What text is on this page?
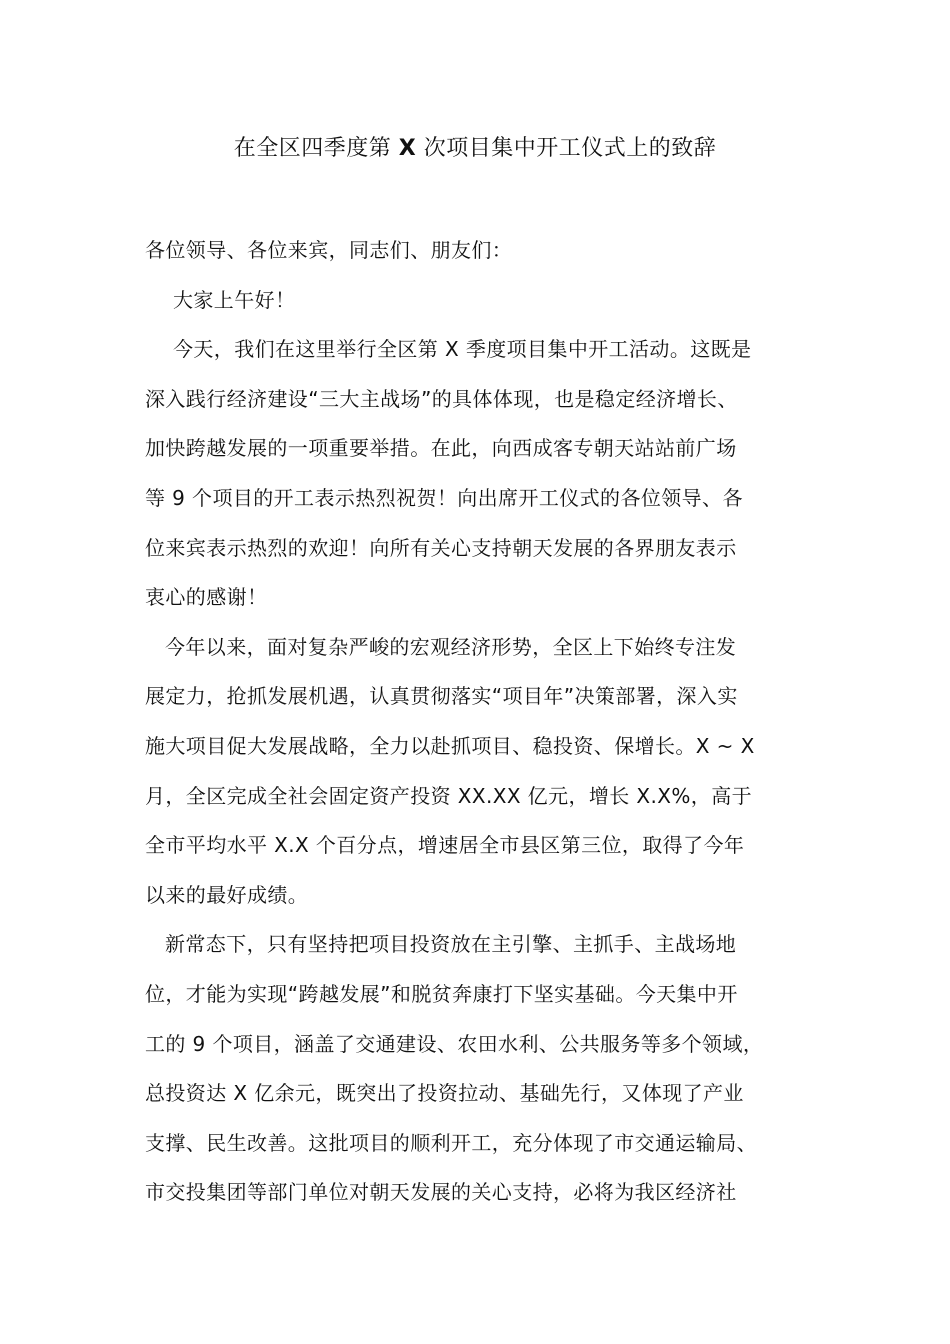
在全区四季度第 X 次项目集中开工仪式上的致辞
各位领导、各位来宾，同志们、朋友们：
大家上午好！
今天，我们在这里举行全区第 X 季度项目集中开工活动。这既是
深入践行经济建设“三大主战场”的具体体现，也是稳定经济增长、
加快跨越发展的一项重要举措。在此，向西成客专朝天站站前广场
等 9 个项目的开工表示热烈祝贺！向出席开工仪式的各位领导、各
位来宾表示热烈的欢迎！向所有关心支持朝天发展的各界朋友表示
衷心的感谢！
今年以来，面对复杂严峻的宏观经济形势，全区上下始终专注发
展定力，抢抓发展机遇，认真贯彻落实“项目年”决策部署，深入实
施大项目促大发展战略，全力以赴抓项目、稳投资、保增长。X ~ X
月，全区完成全社会固定资产投资 XX.XX 亿元，增长 X.X%，高于
全市平均水平 X.X 个百分点，增速居全市县区第三位，取得了今年
以来的最好成绩。
新常态下，只有坚持把项目投资放在主引擎、主抓手、主战场地
位，才能为实现“跨越发展”和脱贫奔康打下坚实基础。今天集中开
工的 9 个项目，涵盖了交通建设、农田水利、公共服务等多个领域，
总投资达 X 亿余元，既突出了投资拉动、基础先行，又体现了产业
支撑、民生改善。这批项目的顺利开工，充分体现了市交通运输局、
市交投集团等部门单位对朝天发展的关心支持，必将为我区经济社
